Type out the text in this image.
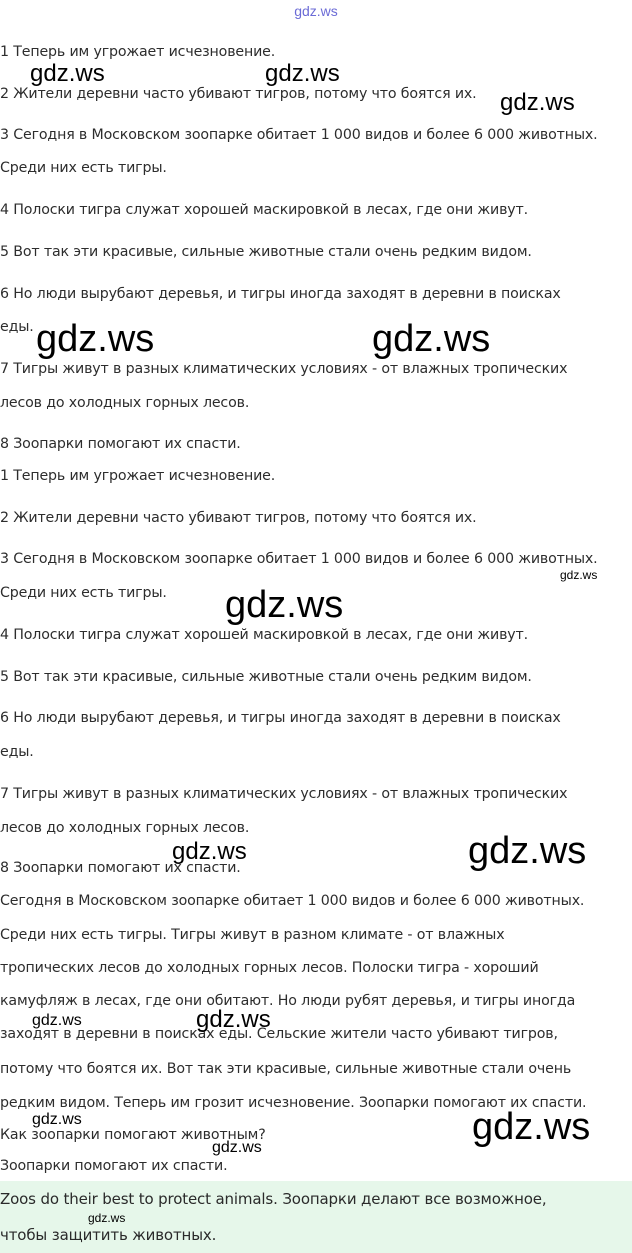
gdz.ws
1 Теперь им угрожает исчезновение.
2 Жители деревни часто убивают тигров, потому что боятся их.
3 Сегодня в Московском зоопарке обитает 1 000 видов и более 6 000 животных.
Среди них есть тигры.
4 Полоски тигра служат хорошей маскировкой в лесах, где они живут.
5 Вот так эти красивые, сильные животные стали очень редким видом.
6 Но люди вырубают деревья, и тигры иногда заходят в деревни в поисках
еды.
7 Тигры живут в разных климатических условиях - от влажных тропических
лесов до холодных горных лесов.
8 Зоопарки помогают их спасти.
1 Теперь им угрожает исчезновение.
2 Жители деревни часто убивают тигров, потому что боятся их.
3 Сегодня в Московском зоопарке обитает 1 000 видов и более 6 000 животных.
Среди них есть тигры.
4 Полоски тигра служат хорошей маскировкой в лесах, где они живут.
5 Вот так эти красивые, сильные животные стали очень редким видом.
6 Но люди вырубают деревья, и тигры иногда заходят в деревни в поисках
еды.
7 Тигры живут в разных климатических условиях - от влажных тропических
лесов до холодных горных лесов.
8 Зоопарки помогают их спасти.
Сегодня в Московском зоопарке обитает 1 000 видов и более 6 000 животных.
Среди них есть тигры. Тигры живут в разном климате - от влажных
тропических лесов до холодных горных лесов. Полоски тигра - хороший
камуфляж в лесах, где они обитают. Но люди рубят деревья, и тигры иногда
заходят в деревни в поисках еды. Сельские жители часто убивают тигров,
потому что боятся их. Вот так эти красивые, сильные животные стали очень
редким видом. Теперь им грозит исчезновение. Зоопарки помогают их спасти.
Как зоопарки помогают животным?
Зоопарки помогают их спасти.
Zoos do their best to protect animals. Зоопарки делают все возможное,
чтобы защитить животных.
gdz.ws	gdz.ws
gdz.ws
gdz.ws	gdz.ws
gdz.ws
gdz.ws
gdz.ws	gdz.ws
gdz.ws	gdz.ws
gdz.ws	gdz.ws
gdz.ws
gdz.ws
